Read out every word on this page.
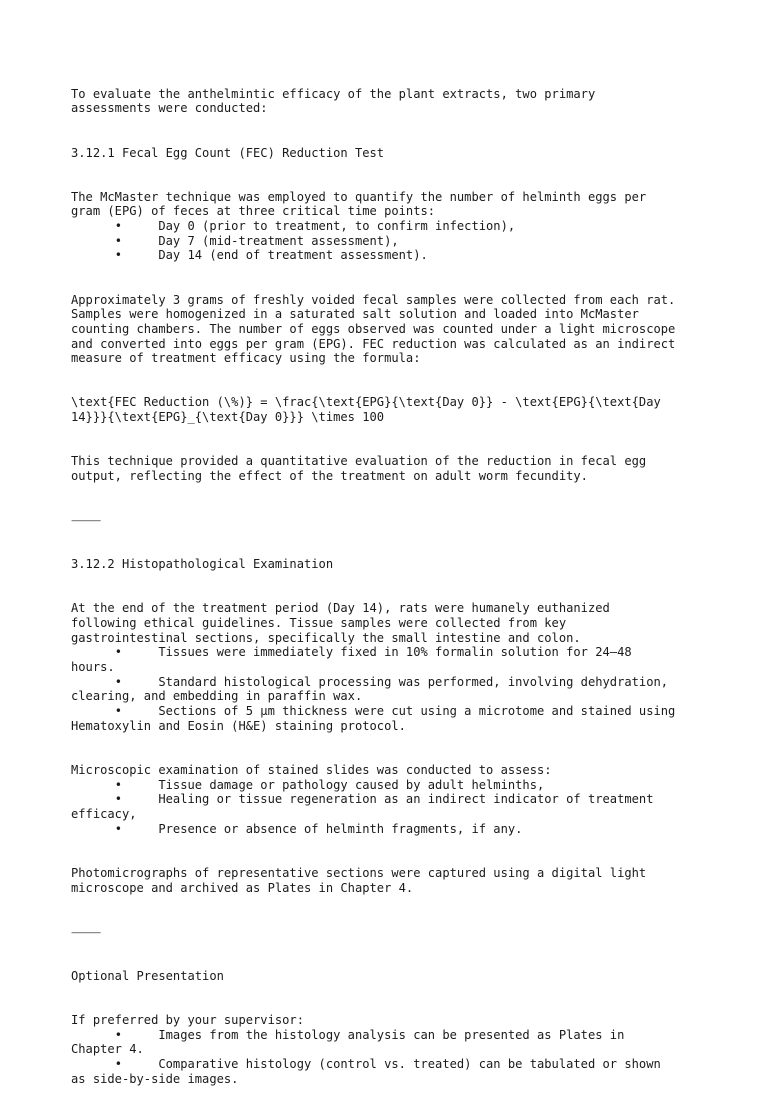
To evaluate the anthelmintic efficacy of the plant extracts, two primary
assessments were conducted:

3.12.1 Fecal Egg Count (FEC) Reduction Test

The McMaster technique was employed to quantify the number of helminth eggs per
gram (EPG) of feces at three critical time points:
•	Day 0 (prior to treatment, to confirm infection),
•	Day 7 (mid-treatment assessment),
•	Day 14 (end of treatment assessment).

Approximately 3 grams of freshly voided fecal samples were collected from each rat.
Samples were homogenized in a saturated salt solution and loaded into McMaster
counting chambers. The number of eggs observed was counted under a light microscope
and converted into eggs per gram (EPG). FEC reduction was calculated as an indirect
measure of treatment efficacy using the formula:

\text{FEC Reduction (\%)} = \frac{\text{EPG}{\text{Day 0}} - \text{EPG}{\text{Day
14}}}{\text{EPG}_{\text{Day 0}}} \times 100

This technique provided a quantitative evaluation of the reduction in fecal egg
output, reflecting the effect of the treatment on adult worm fecundity.

⸻

3.12.2 Histopathological Examination

At the end of the treatment period (Day 14), rats were humanely euthanized
following ethical guidelines. Tissue samples were collected from key
gastrointestinal sections, specifically the small intestine and colon.
•	Tissues were immediately fixed in 10% formalin solution for 24–48
hours.
•	Standard histological processing was performed, involving dehydration,
clearing, and embedding in paraffin wax.
•	Sections of 5 µm thickness were cut using a microtome and stained using
Hematoxylin and Eosin (H&E) staining protocol.

Microscopic examination of stained slides was conducted to assess:
•	Tissue damage or pathology caused by adult helminths,
•	Healing or tissue regeneration as an indirect indicator of treatment
efficacy,
•	Presence or absence of helminth fragments, if any.

Photomicrographs of representative sections were captured using a digital light
microscope and archived as Plates in Chapter 4.

⸻

Optional Presentation

If preferred by your supervisor:
•	Images from the histology analysis can be presented as Plates in
Chapter 4.
•	Comparative histology (control vs. treated) can be tabulated or shown
as side-by-side images.
